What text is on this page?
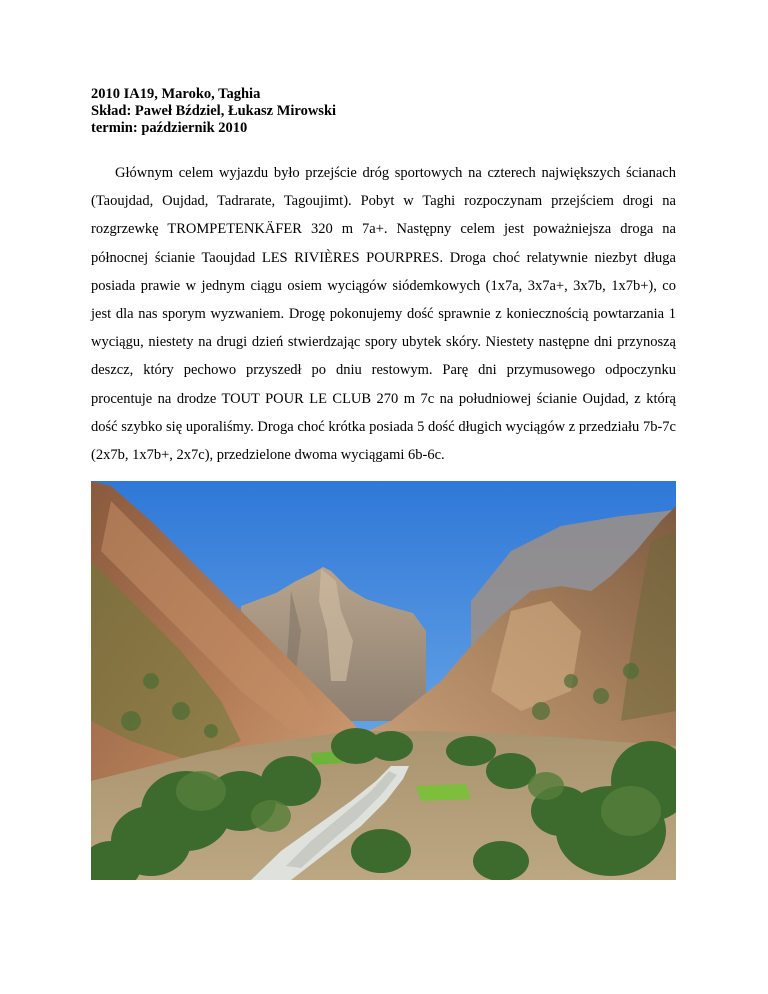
2010 IA19, Maroko, Taghia
Skład: Paweł Bździel, Łukasz Mirowski
termin: październik 2010

Głównym celem wyjazdu było przejście dróg sportowych na czterech największych ścianach (Taoujdad, Oujdad, Tadrarate, Tagoujimt). Pobyt w Taghi rozpoczynam przejściem drogi na rozgrzewkę TROMPETENKÄFER 320 m 7a+. Następny celem jest poważniejsza droga na północnej ścianie Taoujdad LES RIVIÈRES POURPRES. Droga choć relatywnie niezbyt długa posiada prawie w jednym ciągu osiem wyciągów siódemkowych (1x7a, 3x7a+, 3x7b, 1x7b+), co jest dla nas sporym wyzwaniem. Drogę pokonujemy dość sprawnie z koniecznością powtarzania 1 wyciągu, niestety na drugi dzień stwierdzając spory ubytek skóry. Niestety następne dni przynoszą deszcz, który pechowo przyszedł po dniu restowym. Parę dni przymusowego odpoczynku procentuje na drodze TOUT POUR LE CLUB 270 m 7c na południowej ścianie Oujdad, z którą dość szybko się uporaliśmy. Droga choć krótka posiada 5 dość długich wyciągów z przedziału 7b-7c (2x7b, 1x7b+, 2x7c), przedzielone dwoma wyciągami 6b-6c.
